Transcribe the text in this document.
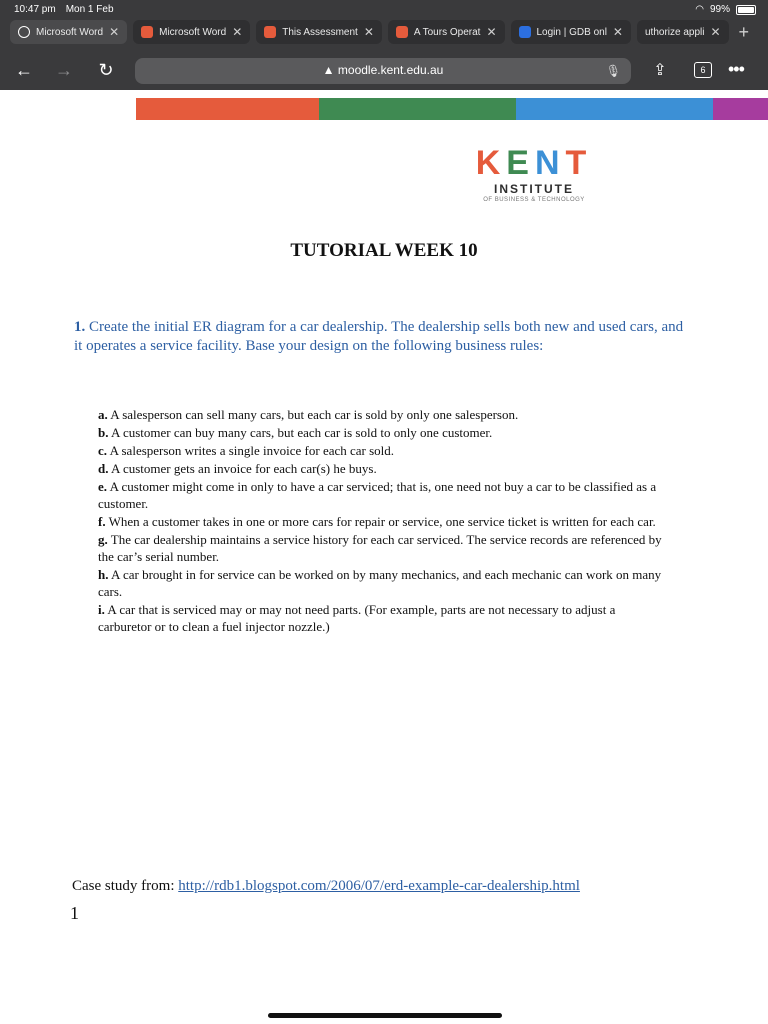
10:47 pm Mon 1 Feb	◠ 99%
Microsoft Word ✕	Microsoft Word ✕	This Assessment ✕	A Tours Operat ✕	Login | GDB onl ✕ uthorize appli ✕ +
← → ↻	▲ moodle.kent.edu.au	🎙 ⇪	6	•••
KENT
INSTITUTE
OF BUSINESS & TECHNOLOGY
TUTORIAL WEEK 10
1. Create the initial ER diagram for a car dealership. The dealership sells both new and used cars, and it operates a service facility. Base your design on the following business rules:
a. A salesperson can sell many cars, but each car is sold by only one salesperson.
b. A customer can buy many cars, but each car is sold to only one customer.
c. A salesperson writes a single invoice for each car sold.
d. A customer gets an invoice for each car(s) he buys.
e. A customer might come in only to have a car serviced; that is, one need not buy a car to be classified as a customer.
f. When a customer takes in one or more cars for repair or service, one service ticket is written for each car.
g. The car dealership maintains a service history for each car serviced. The service records are referenced by the car’s serial number.
h. A car brought in for service can be worked on by many mechanics, and each mechanic can work on many cars.
i. A car that is serviced may or may not need parts. (For example, parts are not necessary to adjust a carburetor or to clean a fuel injector nozzle.)
Case study from: http://rdb1.blogspot.com/2006/07/erd-example-car-dealership.html
1
